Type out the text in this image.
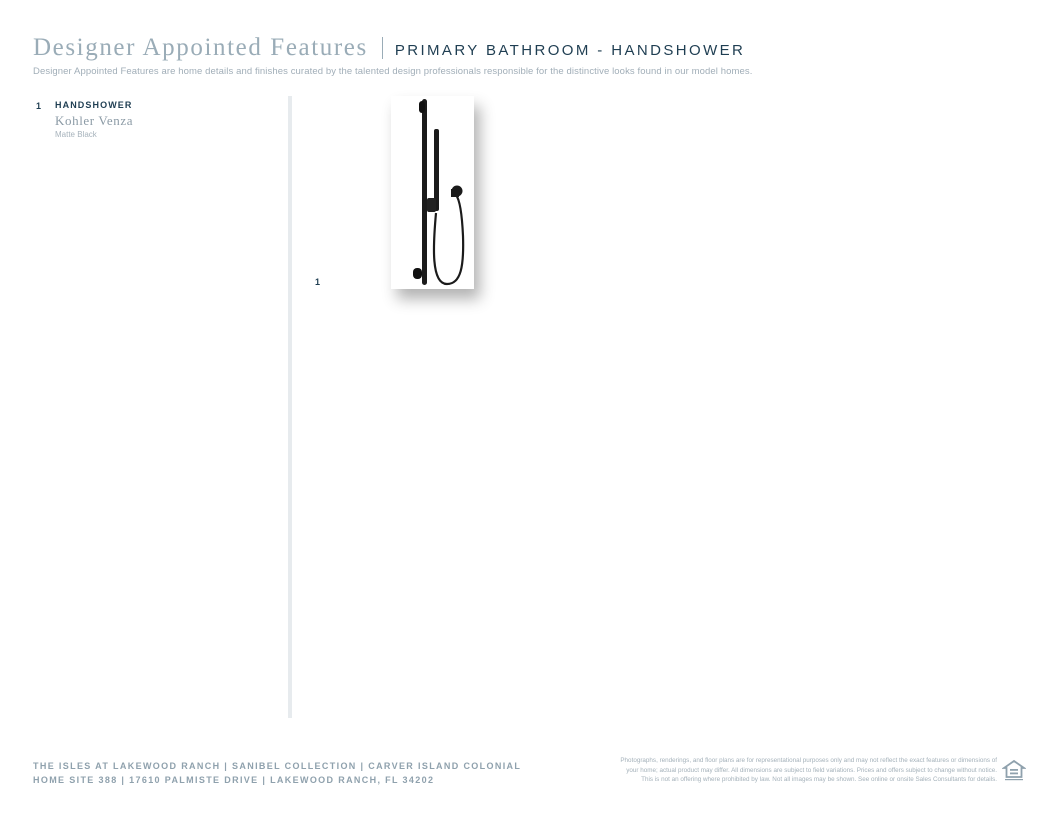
Designer Appointed Features PRIMARY BATHROOM - HANDSHOWER
Designer Appointed Features are home details and finishes curated by the talented design professionals responsible for the distinctive looks found in our model homes.
1	HANDSHOWER
Kohler Venza
Matte Black
1
THE ISLES AT LAKEWOOD RANCH | SANIBEL COLLECTION | CARVER ISLAND COLONIAL
HOME SITE 388 | 17610 PALMISTE DRIVE | LAKEWOOD RANCH, FL 34202
Photographs, renderings, and floor plans are for representational purposes only and may not reflect the exact features or dimensions of
your home; actual product may differ. All dimensions are subject to field variations. Prices and offers subject to change without notice.
This is not an offering where prohibited by law. Not all images may be shown. See online or onsite Sales Consultants for details.
